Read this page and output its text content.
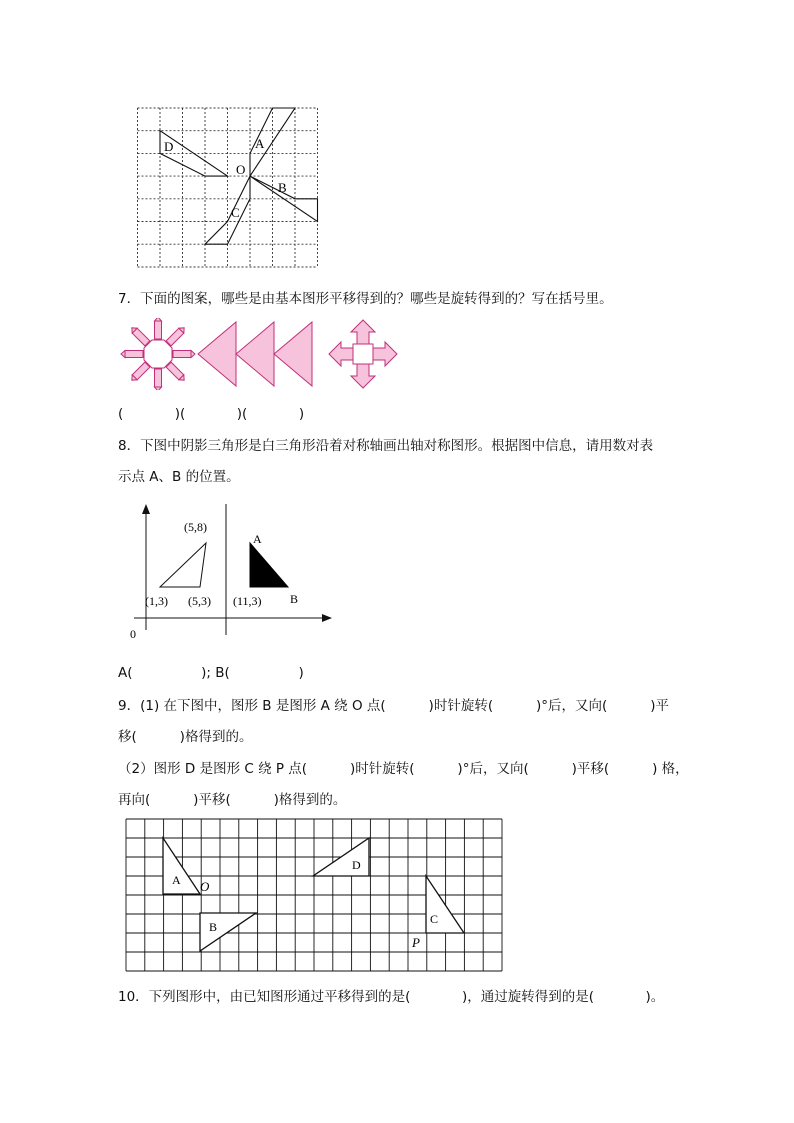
A
B
C
D
O
7．下面的图案，哪些是由基本图形平移得到的？哪些是旋转得到的？写在括号里。
(            )(            )(            )
8．下图中阴影三角形是白三角形沿着对称轴画出轴对称图形。根据图中信息，请用数对表
示点 A、B 的位置。
(5,8)
(1,3) (5,3) (11,3)
A
B
0
A(                ); B(                )
9．(1) 在下图中，图形 B 是图形 A 绕 O 点(          )时针旋转(          )°后，又向(          )平
移(          )格得到的。
（2）图形 D 是图形 C 绕 P 点(          )时针旋转(          )°后，又向(          )平移(          ) 格，
再向(          )平移(          )格得到的。
A O
B
C
D
P
10．下列图形中，由已知图形通过平移得到的是(            )，通过旋转得到的是(            )。
